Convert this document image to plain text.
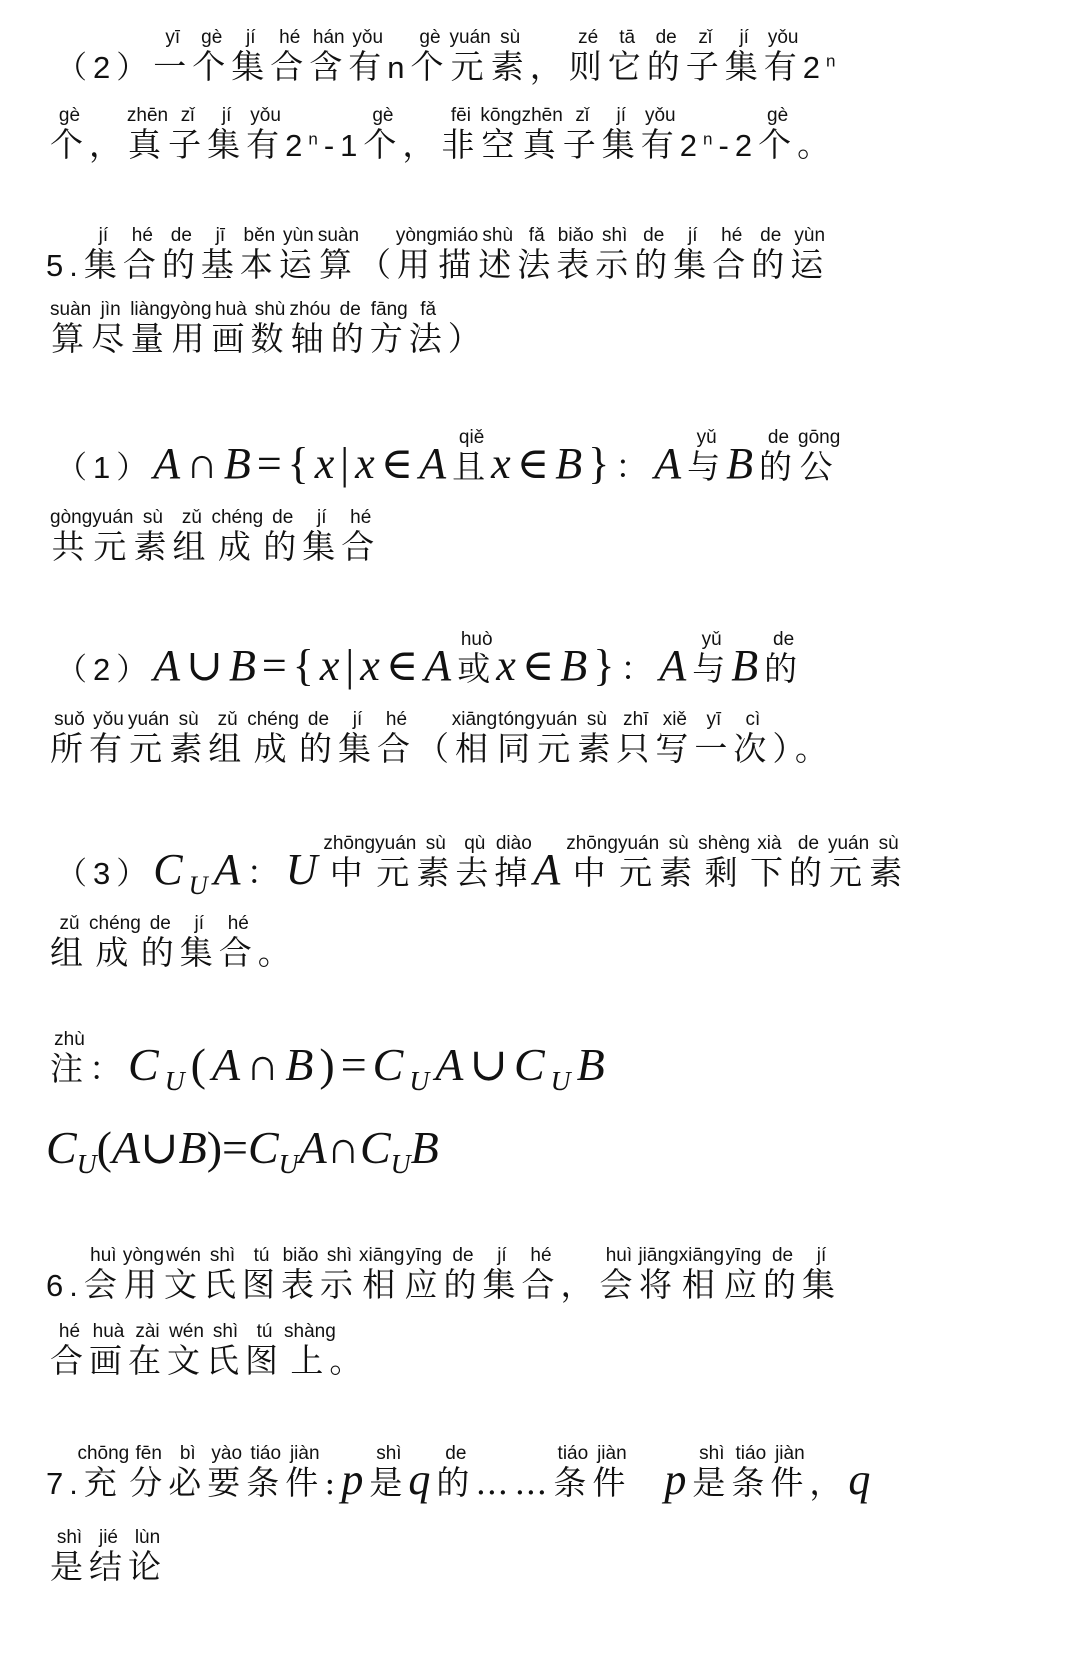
（2）一yī个gè集jí合hé含hán有yǒun个gè元yuán素sù，则zé它tā的de子zǐ集jí有yǒu2$^n$
个gè，真zhēn子zǐ集jí有yǒu2$^n$-1个gè，非fēi空kōng真zhēn子zǐ集jí有yǒu2$^n$-2个gè。
5.集jí合hé的de基jī本běn运yùn算suàn（用yòng描miáo述shù法fǎ表biǎo示shì的de集jí合hé的de运yùn
算suàn尽jìn量liàng用yòng画huà数shù轴zhóu的de方fāng法fǎ）
（1）A∩B={x|x∈A且qiěx∈B}：A与yǔB的de公gōng
共gòng元yuán素sù组zǔ成chéng的de集jí合hé
（2）A∪B={x|x∈A或huòx∈B}：A与yǔB的de
所suǒ有yǒu元yuán素sù组zǔ成chéng的de集jí合hé（相xiāng同tóng元yuán素sù只zhī写xiě一yī次cì）。
$(3)C_UA$：U中zhōng元yuán素sù去qù掉diàoA中zhōng元yuán素sù剩shèng下xià的de元yuán素sù
组zǔ成chéng的de集jí合hé。
注zhù：$C_U(A\cap B)=C_UA\cup C_UB$
$C_U(A\cup B)=C_UA\cap C_UB$
6.会huì用yòng文wén氏shì图tú表biǎo示shì相xiāng应yīng的de集jí合hé，会huì将jiāng相xiāng应yīng的de集jí
合hé画huà在zài文wén氏shì图tú上shàng。
7.充chōng分fēn必bì要yào条tiáo件jiàn:p是shìq的de……条tiáo件jiàn  p是shì条tiáo件jiàn，q
是shì结jié论lùn
